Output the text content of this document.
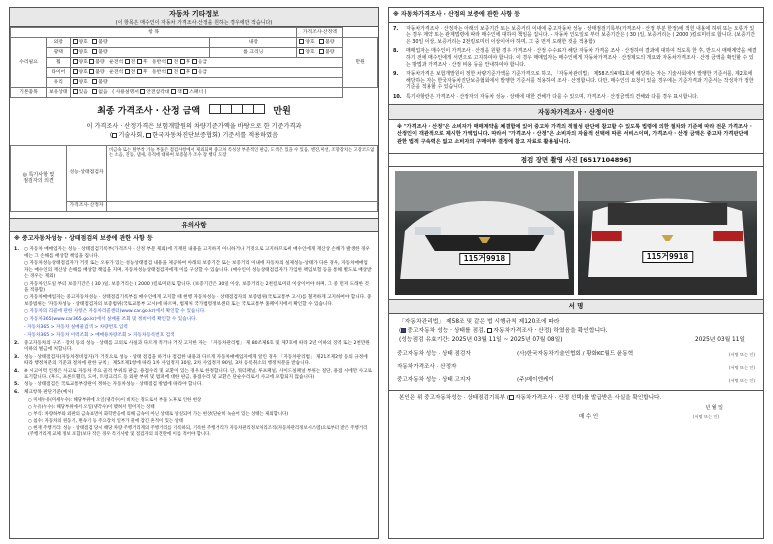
자동차 기타정보
(이 항목은 매수인이 자동차 가격조사·산정을 원하는 경우에만 적습니다)
항 목				가격조사·산정액	
수리필요	외장	양호 불량	내장	양호 불량	만원
	광택	양호 불량	룸 크리닝	양호 불량	
	휠	양호 불량 운전석 전 후 동반석 전 후 응급			
	타이어	양호 불량 운전석 전 후 동반석 전 후 응급			
	유리	양호 불량			
기본품목	보유상태	있음 없음 ( 사용설명서 안전삼각대 잭 스패너 )			
최종 가격조사 · 산정 금액	만원
이 가격조사 · 산정가격은 보험개발원의 차량기준가액을 바탕으로 한 기준가격과
( 기술사회, 한국자동차진단보증협회) 기준서를 적용하였음
◎ 특기사항 및
점검자의 의견	성능·상태점검자	비금속 또는 탈부착 가능 부품은 점검사항에서 제외되며 중고차 특성상 부분적인 판금, 도색은 있을 수 있음, 엔진,미션, 조향장치는 고장코드없는 소음, 진동, 냄새, 유격에 대하여 보증불가 조수 장 행디 도장
	가격조사·산정자	
유의사항
※ 중고자동차성능 · 상태점검의 보증에 관한 사항 등
1.	○ 자동차 매매업자는 성능 · 상태점검기록부(가격조사 · 산정 부분 제외)에 기재된 내용을 고지하지 아니하거나 거짓으로 고지하므로써 매수인에게 재산상 손해가 발생한 경우에는 그 손해를 배상할 책임을 집니다.
○ 자동차성능상태점검자가 거짓 또는 오류가 있는 성능상태점검 내용을 제공하여 아래의 보증기간 또는 보증거리 이내에 자동차의 실제성능·상태가 다른 경우, 자동차매매업자는 매수인의 재산상 손해를 배상할 책임을 지며, 자동차성능상태점검자에게 이를 구상할 수 있습니다. (매수인이 성능상태점검자가 가입한 책임보험 등을 통해 별도로 배상받는 경우는 제외)
○ 자동차인도일 부터 보증기간은 ( 30 )일, 보증거리는 ( 2000 )킬로미터로 합니다. (보증기간은 30일 이상, 보증거리는 2천킬로미터 이상이어야 하며, 그 중 먼저 도래한 것을 적용함)
○ 자동차매매업자는 중고자동차성능 · 상태점검기록부를 매수인에게 고지할 때 현행 자동차성능 · 상태점검자의 보증범위(국토교통부 고시)를 철저하게 고지하여야 합니다. 중 보증범위는 '자동차성능 · 상태점검자의 보증범위(국토교통부 고시)에 따르며, 법제처 국가법령정보센터 또는 국토교통부 홈페이지에서 확인할 수 있습니다.
○ 자동차의 리콜에 관한 사항은 자동차리콜센터(www.car.go.kr)에서 확인할 수 있습니다.
○ 자동차365(www.car365.go.kr)에서 실매물 조회 및 정비이력 확인할 수 있습니다.
- 자동차365 > 자동차 실매물검색 > 차량번호 입력
- 자동차365 > 자동차 이력조회 > 매매용차량조회 > 자동차등록번호 검색
2.	중고자동차의 구조 · 장치 등의 성능 · 상태를 고의로 사실과 다르게 적거나 거짓 고지한 자는 「자동차관리법」 제 80조제6호 및 제7호에 따라 2년 이하의 징역 또는 2천만원 이하의 벌금에 처합니다.
3.	성능 · 상태점검자(자동차정비업자)가 거짓으로 성능 · 상태 점검을 하거나 점검한 내용과 다르게 자동차매매업자에게 알린 경우 「자동차관리법」 제21조제2항 등의 규정에 따라 행정처분의 기준과 절차에 관한 규칙」 제5조제1항에 따라 1차 사업정지 30일, 2차 사업정지 90일, 3차 등록취소의 행정처분을 받습니다.
4.	※ 시고이력 인정은 사고로 자동차 주요 골격 부위의 판금, 용접수리 및 교환이 있는 경우로 한정합니다. 단, 쿼터패널, 루프패널, 사이드실패널 부위는 절단, 용접 시에만 사고로 표기합니다. (후드, 프론트휀더, 도어, 트렁크리드 등 외판 부위 및 범퍼에 대한 판금, 용접수리 및 교환은 단순수리로서 사고에 포함되지 않습니다)
5.	성능 · 상태점검은 국토교통부장관이 정하는 자동차성능 · 상태점검 방법에 따라야 합니다.
6.	체크항목 판단기준(예시)
○ 미세누유(미세누수): 해당부위에 오일(냉각수)이 비치는 정도로서 부품 노후로 인한 현상
○ 누유(누수): 해당부위에서 오일(냉각수)이 맺혀서 떨어지는 상태
○ 부식: 차량하부와 외판의 금속표면이 화학반응에 의해 금속이 아닌 상태로 상실되어 가는 현상(단순히 녹슬어 있는 상태는 제외합니다)
○ 침수: 자동차의 원동기, 변속기 등 주요장치 일부가 물에 잠긴 흔적이 있는 상태
○ 현재 주행거리: 성능 · 상태점검 당시 해당 차량 주행거리계의 주행거리를 기록하되, 기록한 주행거리가 자동차관리정보처리조직(자동차관리정보시스템)으로부터 받은 주행거리(주행거리계 교체 정보 포함)보다 작은 경우 특기사항 및 점검자의 의견란에 이를 적어야 합니다.
※ 자동차가격조사 · 산정의 보증에 관한 사항 등
7.	자동차가격조사 · 산정자는 아래의 보증기간 또는 보증거리 이내에 중고자동차 성능 · 상태점검기록부(가격조사 · 산정 부분 한정)에 적힌 내용에 허위 또는 오류가 있는 경우 계약 또는 관계법령에 따라 매수인에 대하여 책임을 집니다. - 자동차 인도일로 부터 보증기간은 ( 30 )일, 보증거리는 ( 2000 )킬로미터로 합니다. (보증기간은 30일 이상, 보증거리는 2천킬로미터 이상이어야 하며, 그 중 먼저 도래한 것을 적용함)
8.	매매업자는 매수인이 가격조사 · 산정을 원할 경우 가격조사 · 산정 수수료가 해당 자동차 가격을 조사 · 산정하여 결과에 대하여 적도록 한 후, 반드시 매매계약을 체결하기 전에 매수인에게 서면으로 고지하여야 합니다. 이 경우 매매업자는 매수인에게 자동차가격조사 · 산정제도의 개요와 자동차가격조사 · 산정 금액을 확인할 수 있는 방법과 가격조사 · 산정 비용 등을 안내하여야 합니다.
9.	자동차가격은 보험개발원이 정한 차량기준가액을 기준가격으로 하고, 「자동차관리법」 제58조의4제1호에 해당하는 자는 기술사회에서 발행한 기준서를, 제2호에 해당하는 자는 한국자동차진단보증협회에서 발행한 기준서를 적용하여 조사 · 산정합니다. 다만, 매수인의 요청이 있을 경우에는 기준가격과 기준서는 작성자가 정한 기준을 적용할 수 있습니다.
10. 특기사항란은 가격조사 · 산정자의 자동차 성능 · 상태에 대한 견해가 다를 수 있으며, 가격조사 · 산정금액의 견해와 다를 경우 표시합니다.
자동차가격조사 · 산정이란
※ "가격조사 · 산정"은 소비자가 매매계약을 체결함에 있어 중고차 가격의 적절성 판단에 참고할 수 있도록 법령에 의한 절차와 기준에 따라 전문 가격조사 · 산정인이 객관적으로 제시한 가액입니다. 따라서 "가격조사 · 산정"은 소비자의 자율적 선택에 따른 서비스이며, 가격조사 · 산정 금액은 중고차 가격판단에 관한 법적 구속력은 없고 소비자의 구매여부 결정에 참고 자료로 활용됩니다.
점검 장면 촬영 사진 [6517104896]
115거9918	115거9918
서 명
「자동차관리법」 제58조 및 같은 법 시행규칙 제120조에 따라
( 중고자동차 성능 · 상태를 점검, 자동차가격조사 · 산정) 하였음을 확인합니다.
(성능점검 유효기간: 2025년 03월 11일 ~ 2025년 07월 08일)	2025년 03월 11일
중고자동차 성능 · 상태 점검자	(사)한국자동차기술인협회 / 황화KC월드 윤동혁	(서명 또는 인)
자동차가격조사 · 산정자	(서명 또는 인)
중고자동차 성능 · 상태 고지자	(주)메이엔케이	(서명 또는 인)
본인은 위 중고자동차성능 · 상태점검기록부 ( 자동차가격조사 · 산정 선택)를 발급받은 사실을 확인합니다.
년 월 일
매 수 인	(서명 또는 인)
